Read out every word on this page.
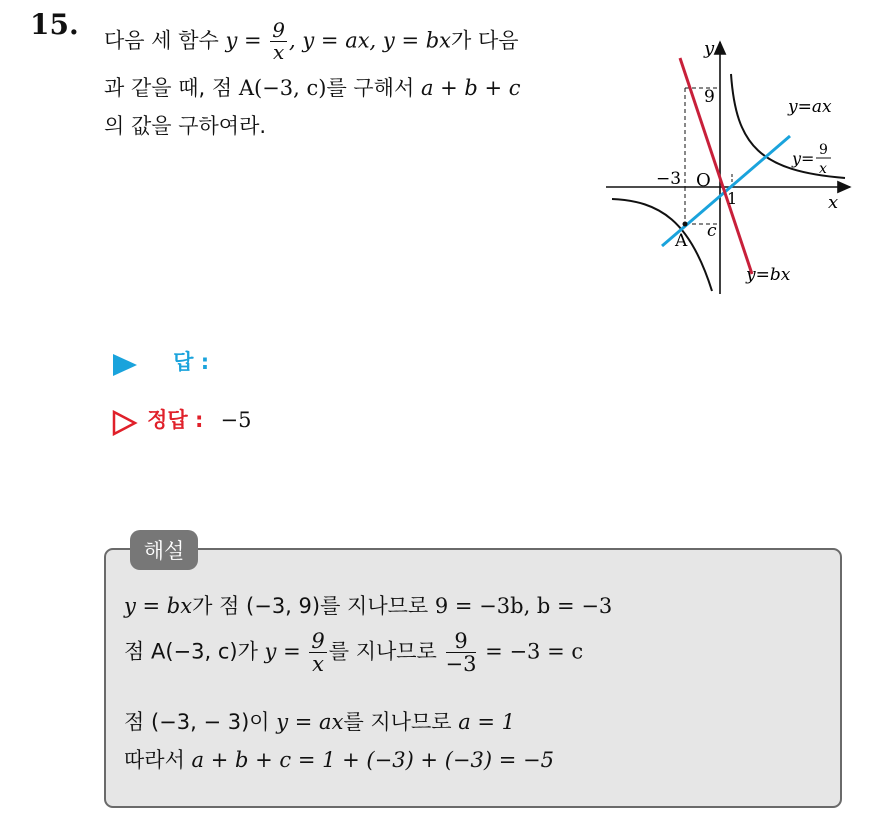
15. 다음 세 함수 $y = \frac{9}{x}$ , y = ax, y = bx가 다음
과 같을 때, 점 A(−3, c)를 구해서 a + b + c
의 값을 구하여라.
y
x
O
9
−3
1
c
A
y=ax
y=bx
y= 9
x
답 :
정답 : −5
해설
y = bx가 점 (−3, 9)를 지나므로 9 = −3b, b = −3
점 A(−3, c)가 $y = \frac{9}{x}$ 를 지나므로 $\frac{9}{-3} = -3 = c$
점 (−3, − 3)이 y = ax를 지나므로 a = 1
따라서 a + b + c = 1 + (−3) + (−3) = −5
